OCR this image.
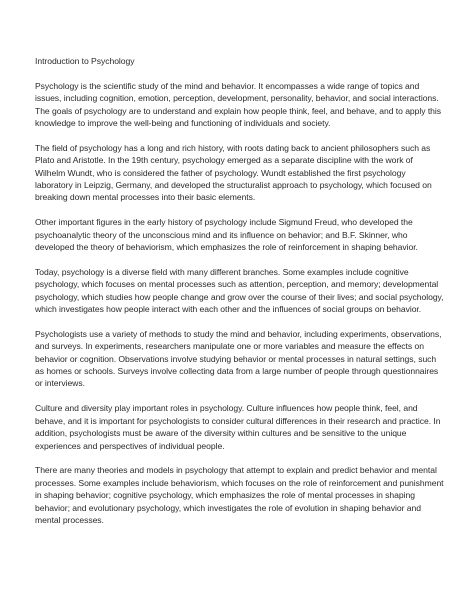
Introduction to Psychology

Psychology is the scientific study of the mind and behavior. It encompasses a wide range of topics and issues, including cognition, emotion, perception, development, personality, behavior, and social interactions. The goals of psychology are to understand and explain how people think, feel, and behave, and to apply this knowledge to improve the well-being and functioning of individuals and society.

The field of psychology has a long and rich history, with roots dating back to ancient philosophers such as Plato and Aristotle. In the 19th century, psychology emerged as a separate discipline with the work of Wilhelm Wundt, who is considered the father of psychology. Wundt established the first psychology laboratory in Leipzig, Germany, and developed the structuralist approach to psychology, which focused on breaking down mental processes into their basic elements.

Other important figures in the early history of psychology include Sigmund Freud, who developed the psychoanalytic theory of the unconscious mind and its influence on behavior; and B.F. Skinner, who developed the theory of behaviorism, which emphasizes the role of reinforcement in shaping behavior.

Today, psychology is a diverse field with many different branches. Some examples include cognitive psychology, which focuses on mental processes such as attention, perception, and memory; developmental psychology, which studies how people change and grow over the course of their lives; and social psychology, which investigates how people interact with each other and the influences of social groups on behavior.

Psychologists use a variety of methods to study the mind and behavior, including experiments, observations, and surveys. In experiments, researchers manipulate one or more variables and measure the effects on behavior or cognition. Observations involve studying behavior or mental processes in natural settings, such as homes or schools. Surveys involve collecting data from a large number of people through questionnaires or interviews.

Culture and diversity play important roles in psychology. Culture influences how people think, feel, and behave, and it is important for psychologists to consider cultural differences in their research and practice. In addition, psychologists must be aware of the diversity within cultures and be sensitive to the unique experiences and perspectives of individual people.

There are many theories and models in psychology that attempt to explain and predict behavior and mental processes. Some examples include behaviorism, which focuses on the role of reinforcement and punishment in shaping behavior; cognitive psychology, which emphasizes the role of mental processes in shaping behavior; and evolutionary psychology, which investigates the role of evolution in shaping behavior and mental processes.
